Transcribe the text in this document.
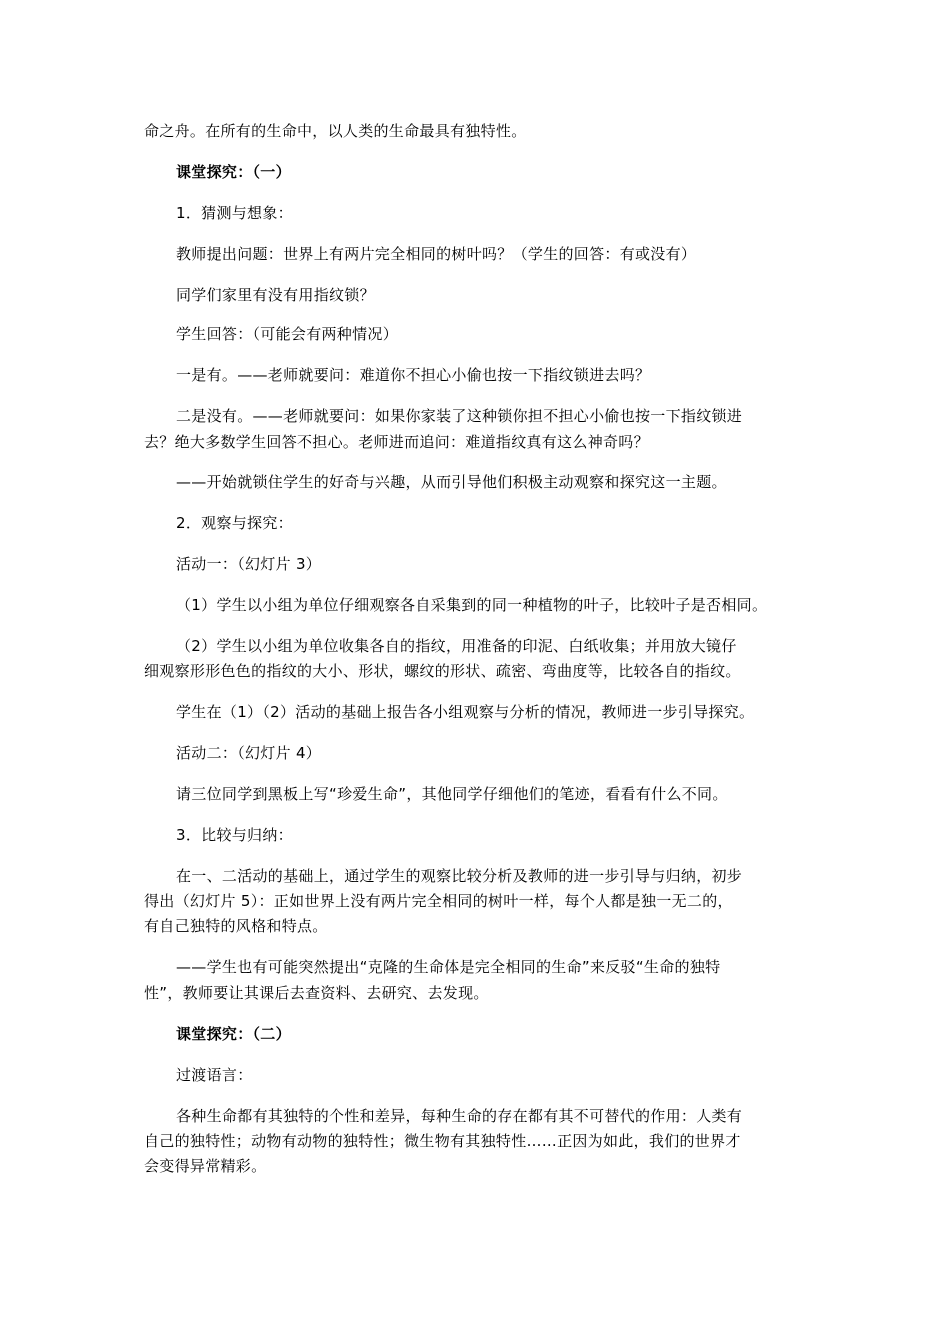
命之舟。在所有的生命中，以人类的生命最具有独特性。
课堂探究：（一）
1．猜测与想象：
教师提出问题：世界上有两片完全相同的树叶吗？（学生的回答：有或没有）
同学们家里有没有用指纹锁？
学生回答：（可能会有两种情况）
一是有。——老师就要问：难道你不担心小偷也按一下指纹锁进去吗？
二是没有。——老师就要问：如果你家装了这种锁你担不担心小偷也按一下指纹锁进
去？绝大多数学生回答不担心。老师进而追问：难道指纹真有这么神奇吗？
——开始就锁住学生的好奇与兴趣，从而引导他们积极主动观察和探究这一主题。
2．观察与探究：
活动一：（幻灯片 3）
（1）学生以小组为单位仔细观察各自采集到的同一种植物的叶子，比较叶子是否相同。
（2）学生以小组为单位收集各自的指纹，用准备的印泥、白纸收集；并用放大镜仔
细观察形形色色的指纹的大小、形状，螺纹的形状、疏密、弯曲度等，比较各自的指纹。
学生在（1）（2）活动的基础上报告各小组观察与分析的情况，教师进一步引导探究。
活动二：（幻灯片 4）
请三位同学到黑板上写“珍爱生命”，其他同学仔细他们的笔迹，看看有什么不同。
3．比较与归纳：
在一、二活动的基础上，通过学生的观察比较分析及教师的进一步引导与归纳，初步
得出（幻灯片 5）：正如世界上没有两片完全相同的树叶一样，每个人都是独一无二的，
有自己独特的风格和特点。
——学生也有可能突然提出“克隆的生命体是完全相同的生命”来反驳“生命的独特
性”，教师要让其课后去查资料、去研究、去发现。
课堂探究：（二）
过渡语言：
各种生命都有其独特的个性和差异，每种生命的存在都有其不可替代的作用：人类有
自己的独特性；动物有动物的独特性；微生物有其独特性……正因为如此，我们的世界才
会变得异常精彩。
